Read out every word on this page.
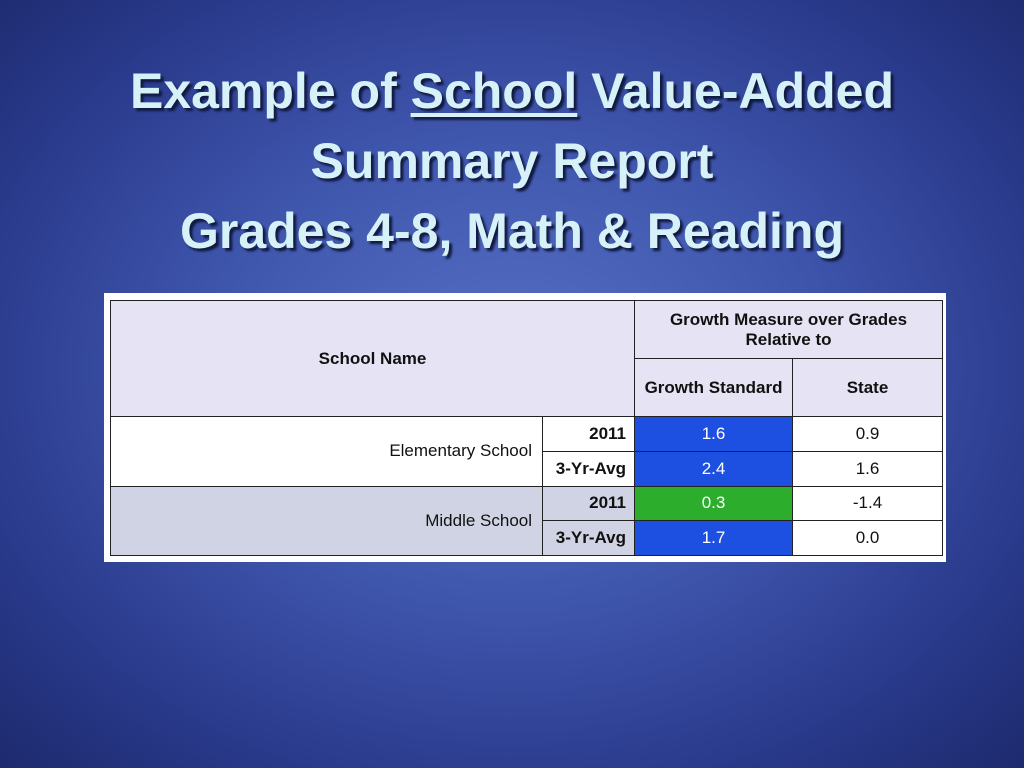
Example of School Value-Added
Summary Report
Grades 4-8, Math & Reading
School Name		Growth Measure over Grades Relative to	
		Growth Standard	State
Elementary School	2011	1.6	0.9
	3-Yr-Avg	2.4	1.6
Middle School	2011	0.3	-1.4
	3-Yr-Avg	1.7	0.0
